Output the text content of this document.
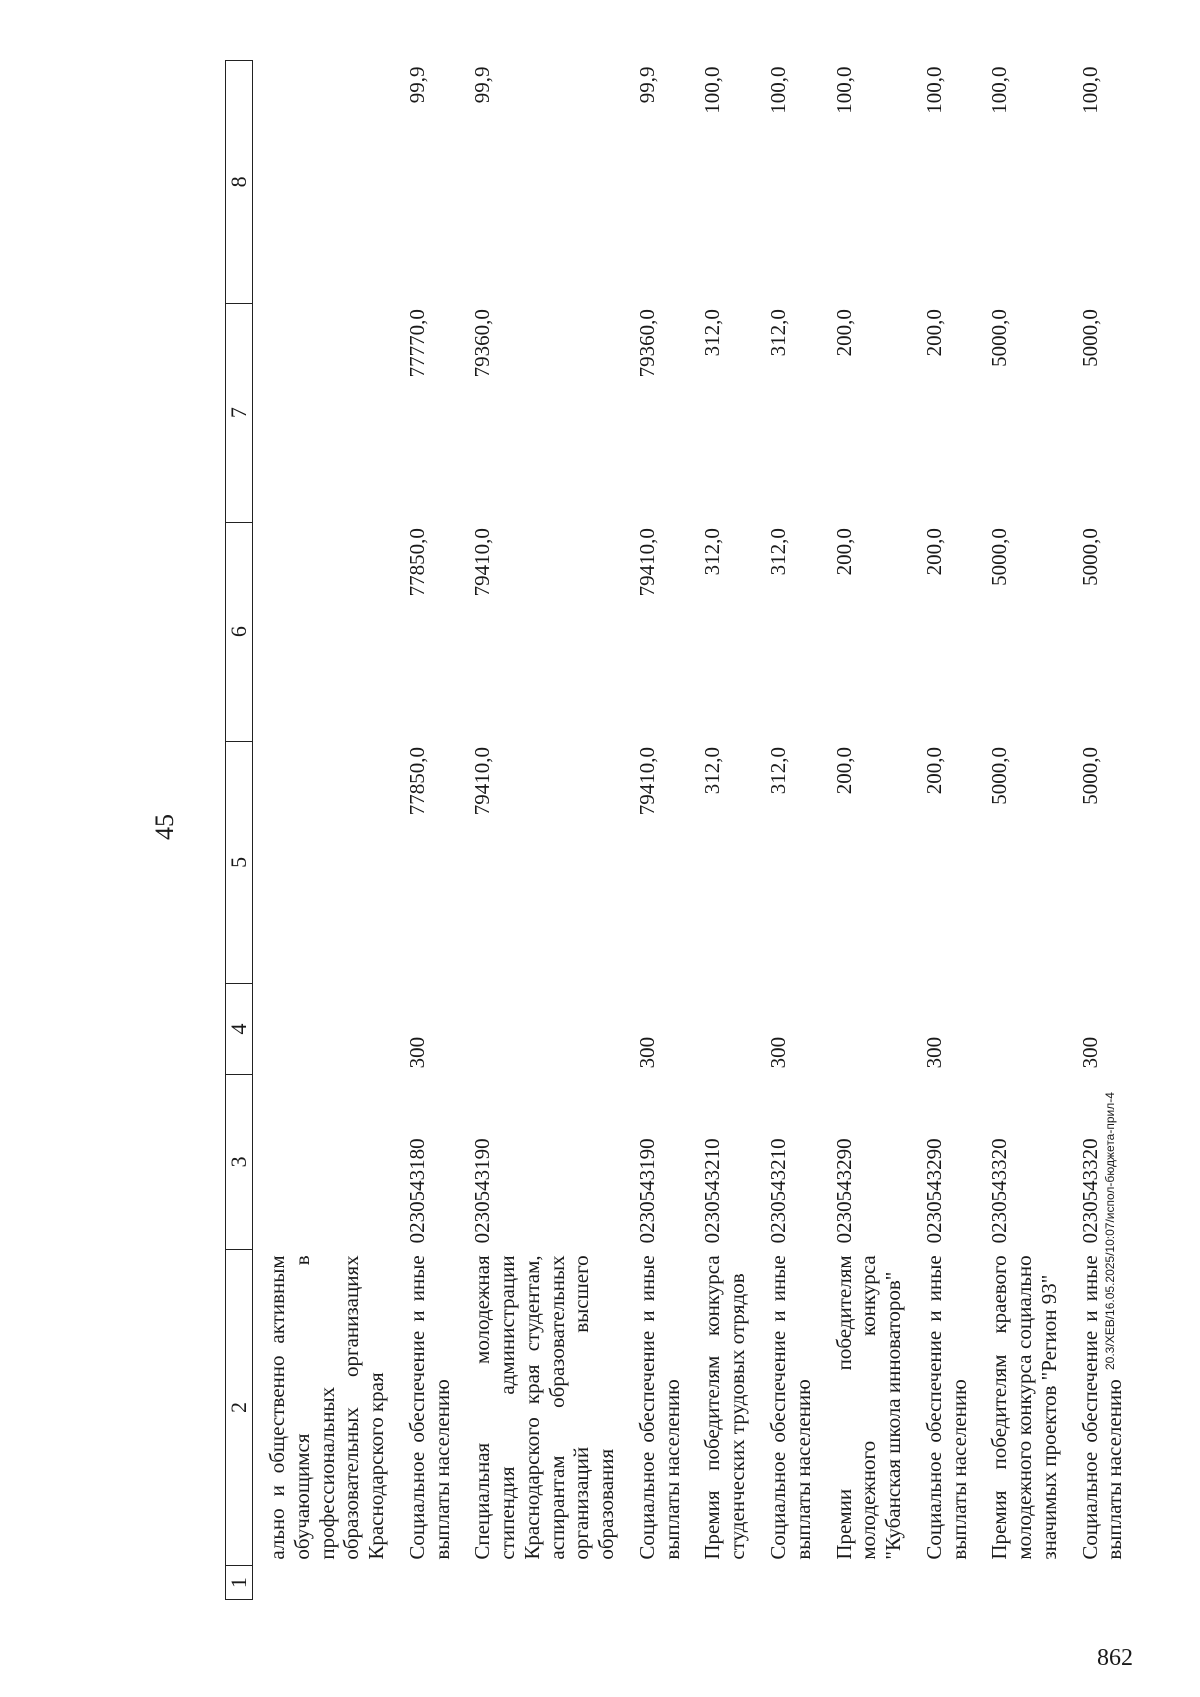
45
1	2	3	4	5	6	7	8
	ально и общественно активным обучающимся в профессиональных образовательных организациях Краснодарского края						
	Социальное обеспечение и иные выплаты населению	0230543180	300	77850,0	77850,0	77770,0	99,9
	Специальная молодежная стипендия администрации Краснодарского края студентам, аспирантам образовательных организаций высшего образования	0230543190		79410,0	79410,0	79360,0	99,9
	Социальное обеспечение и иные выплаты населению	0230543190	300	79410,0	79410,0	79360,0	99,9
	Премия победителям конкурса студенческих трудовых отрядов	0230543210		312,0	312,0	312,0	100,0
	Социальное обеспечение и иные выплаты населению	0230543210	300	312,0	312,0	312,0	100,0
	Премии победителям молодежного конкурса "Кубанская школа инноваторов"	0230543290		200,0	200,0	200,0	100,0
	Социальное обеспечение и иные выплаты населению	0230543290	300	200,0	200,0	200,0	100,0
	Премия победителям краевого молодежного конкурса социально значимых проектов "Регион 93"	0230543320		5000,0	5000,0	5000,0	100,0
	Социальное обеспечение и иные выплаты населению	0230543320	300	5000,0	5000,0	5000,0	100,0
862
20.3/XEB/16.05.2025/10:07/испол-бюджета-прил-4
